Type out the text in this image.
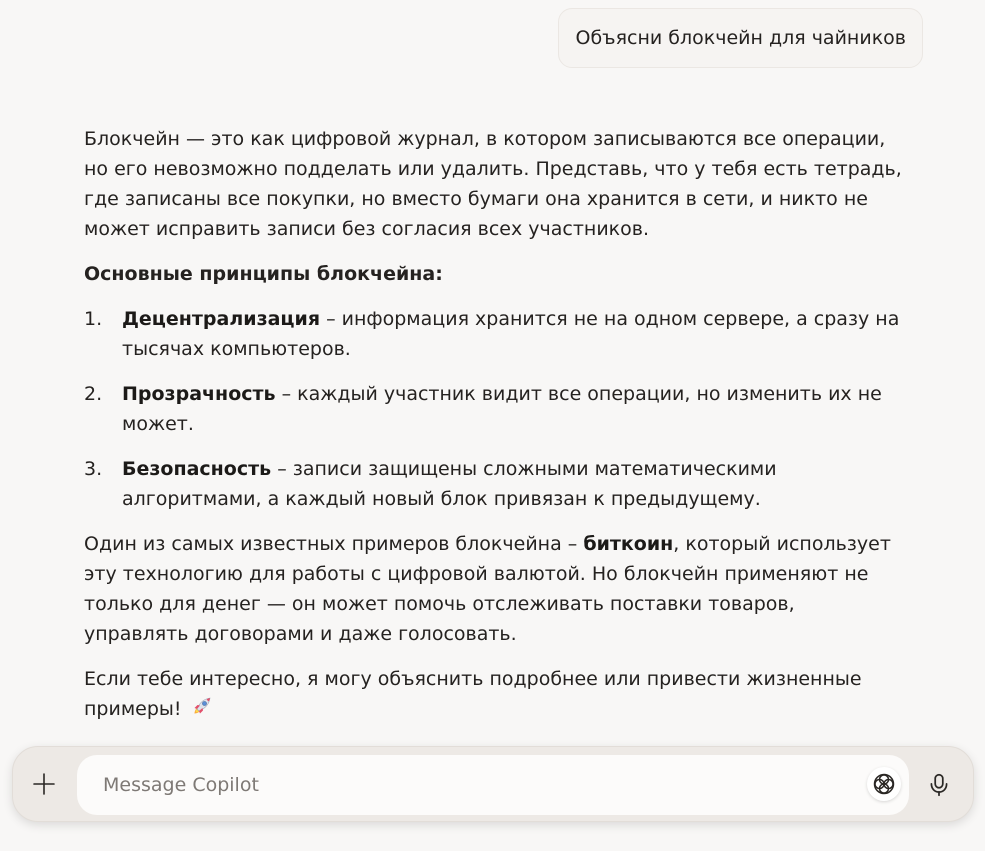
Объясни блокчейн для чайников

Блокчейн — это как цифровой журнал, в котором записываются все операции, но его невозможно подделать или удалить. Представь, что у тебя есть тетрадь, где записаны все покупки, но вместо бумаги она хранится в сети, и никто не может исправить записи без согласия всех участников.

Основные принципы блокчейна:

1. Децентрализация – информация хранится не на одном сервере, а сразу на тысячах компьютеров.
2. Прозрачность – каждый участник видит все операции, но изменить их не может.
3. Безопасность – записи защищены сложными математическими алгоритмами, а каждый новый блок привязан к предыдущему.

Один из самых известных примеров блокчейна – биткоин, который использует эту технологию для работы с цифровой валютой. Но блокчейн применяют не только для денег — он может помочь отслеживать поставки товаров, управлять договорами и даже голосовать.

Если тебе интересно, я могу объяснить подробнее или привести жизненные примеры!

Message Copilot
